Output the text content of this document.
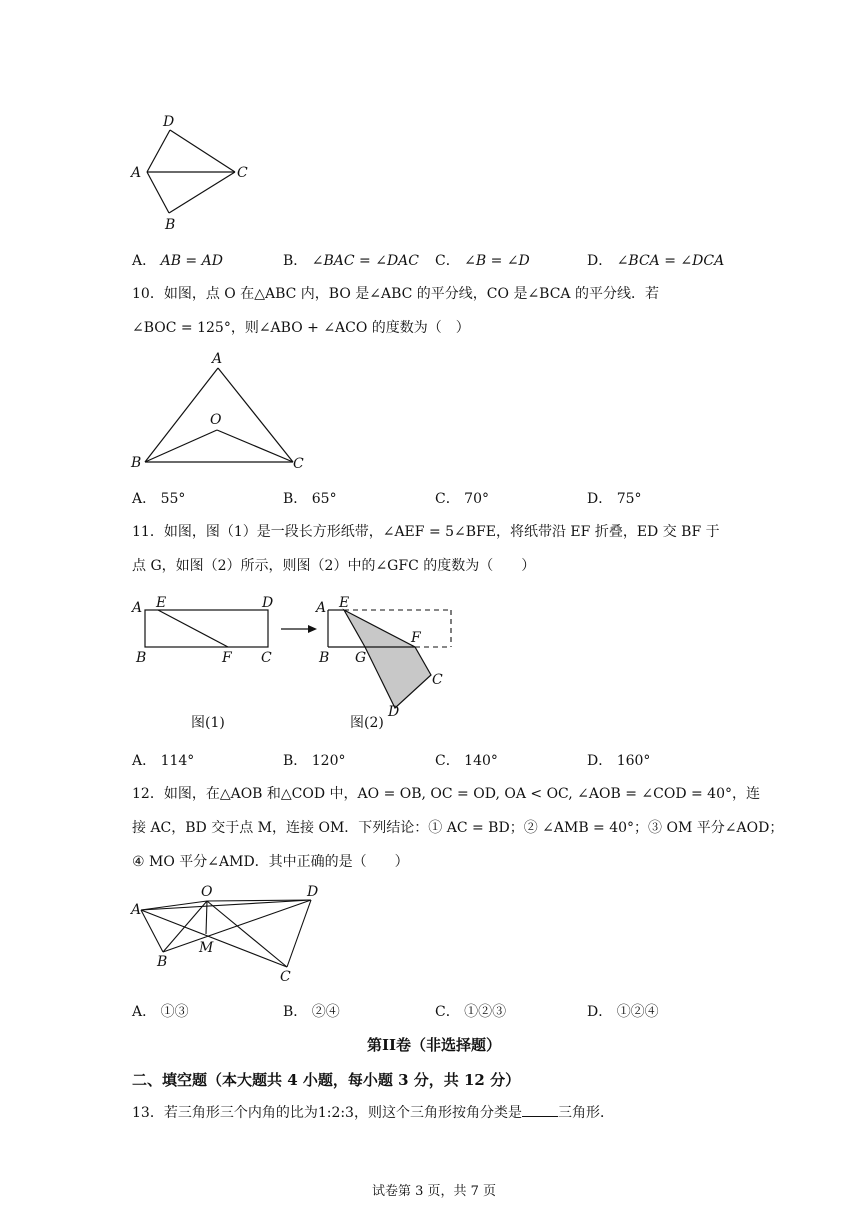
D
A	C
B
A． AB = AD	B． ∠BAC = ∠DAC C． ∠B = ∠D	D． ∠BCA = ∠DCA
10．如图，点 O 在△ABC 内，BO 是∠ABC 的平分线，CO 是∠BCA 的平分线．若
∠BOC = 125°，则∠ABO + ∠ACO 的度数为（　）
A
O
B	C
A． 55°	B． 65°	C． 70°	D． 75°
11．如图，图（1）是一段长方形纸带，∠AEF = 5∠BFE，将纸带沿 EF 折叠，ED 交 BF 于
点 G，如图（2）所示，则图（2）中的∠GFC 的度数为（　　）
A E	D
B	F C
A E
F
B G
C
D
图(1)	图(2)
A． 114°	B． 120°	C． 140°	D． 160°
12．如图，在△AOB 和△COD 中，AO = OB, OC = OD, OA < OC, ∠AOB = ∠COD = 40°，连
接 AC，BD 交于点 M，连接 OM．下列结论：① AC = BD；② ∠AMB = 40°；③ OM 平分∠AOD；
④ MO 平分∠AMD．其中正确的是（　　）
A
O	D
M
B
C
A． ①③	B． ②④	C． ①②③	D． ①②④
第II卷（非选择题）
二、填空题（本大题共 4 小题，每小题 3 分，共 12 分）
13．若三角形三个内角的比为1:2:3，则这个三角形按角分类是	三角形．
试卷第 3 页，共 7 页
